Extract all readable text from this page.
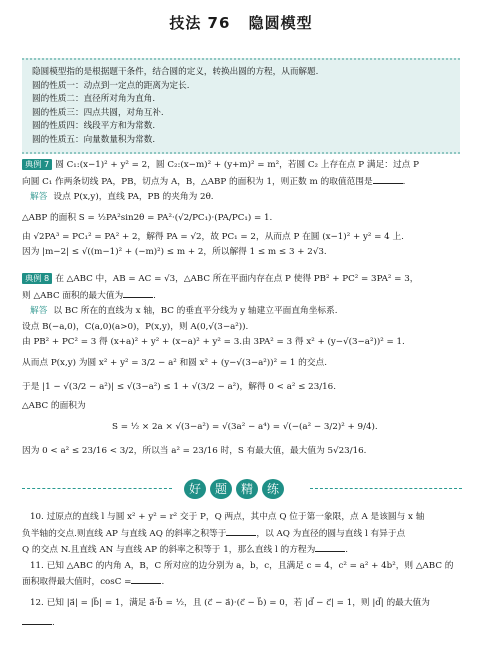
技法 76 隐圆模型

隐圆模型指的是根据题干条件，结合圆的定义，转换出圆的方程，从而解题.

圆的性质一：动点到一定点的距离为定长.

圆的性质二：直径所对角为直角.

圆的性质三：四点共圆，对角互补.

圆的性质四：线段平方和为常数.

圆的性质五：向量数量积为常数.

典例 7 圆 C₁:(x−1)² + y² = 2，圆 C₂:(x−m)² + (y+m)² = m²，若圆 C₂ 上存在点 P 满足：过点 P
向圆 C₁ 作两条切线 PA，PB，切点为 A，B，△ABP 的面积为 1，则正数 m 的取值范围是	.
解答 设点 P(x,y)，直线 PA，PB 的夹角为 2θ.
△ABP 的面积 S = ½PA²sin2θ = PA²·(√2/PC₁)·(PA/PC₁) = 1.
由 √2PA³ = PC₁² = PA² + 2，解得 PA = √2，故 PC₁ = 2，从而点 P 在圆 (x−1)² + y² = 4 上.
因为 |m−2| ≤ √((m−1)² + (−m)²) ≤ m + 2，所以解得 1 ≤ m ≤ 3 + 2√3.
典例 8 在 △ABC 中，AB = AC = √3，△ABC 所在平面内存在点 P 使得 PB² + PC² = 3PA² = 3，
则 △ABC 面积的最大值为	.
解答 以 BC 所在的直线为 x 轴，BC 的垂直平分线为 y 轴建立平面直角坐标系.
设点 B(−a,0)，C(a,0)(a>0)，P(x,y)，则 A(0,√(3−a²)).
由 PB² + PC² = 3 得 (x+a)² + y² + (x−a)² + y² = 3.由 3PA² = 3 得 x² + (y−√(3−a²))² = 1.
从而点 P(x,y) 为圆 x² + y² = 3/2 − a² 和圆 x² + (y−√(3−a²))² = 1 的交点.
于是 |1 − √(3/2 − a²)| ≤ √(3−a²) ≤ 1 + √(3/2 − a²)，解得 0 < a² ≤ 23/16.
△ABC 的面积为
S = ½ × 2a × √(3−a²) = √(3a² − a⁴) = √(−(a² − 3/2)² + 9/4).
因为 0 < a² ≤ 23/16 < 3/2，所以当 a² = 23/16 时，S 有最大值，最大值为 5√23/16.
好 题 精 练
10. 过原点的直线 l 与圆 x² + y² = r² 交于 P，Q 两点，其中点 Q 位于第一象限，点 A 是该圆与 x 轴
负半轴的交点.则直线 AP 与直线 AQ 的斜率之积等于	，以 AQ 为直径的圆与直线 l 有异于点
Q 的交点 N.且直线 AN 与直线 AP 的斜率之积等于 1，那么直线 l 的方程为	.
11. 已知 △ABC 的内角 A，B，C 所对应的边分别为 a，b，c，且满足 c = 4，c² = a² + 4b²，则 △ABC 的
面积取得最大值时，cosC =	.
12. 已知 |a⃗| = |b⃗| = 1，满足 a⃗·b⃗ = ½，且 (c⃗ − a⃗)·(c⃗ − b⃗) = 0，若 |d⃗ − c⃗| = 1，则 |d⃗| 的最大值为
.
